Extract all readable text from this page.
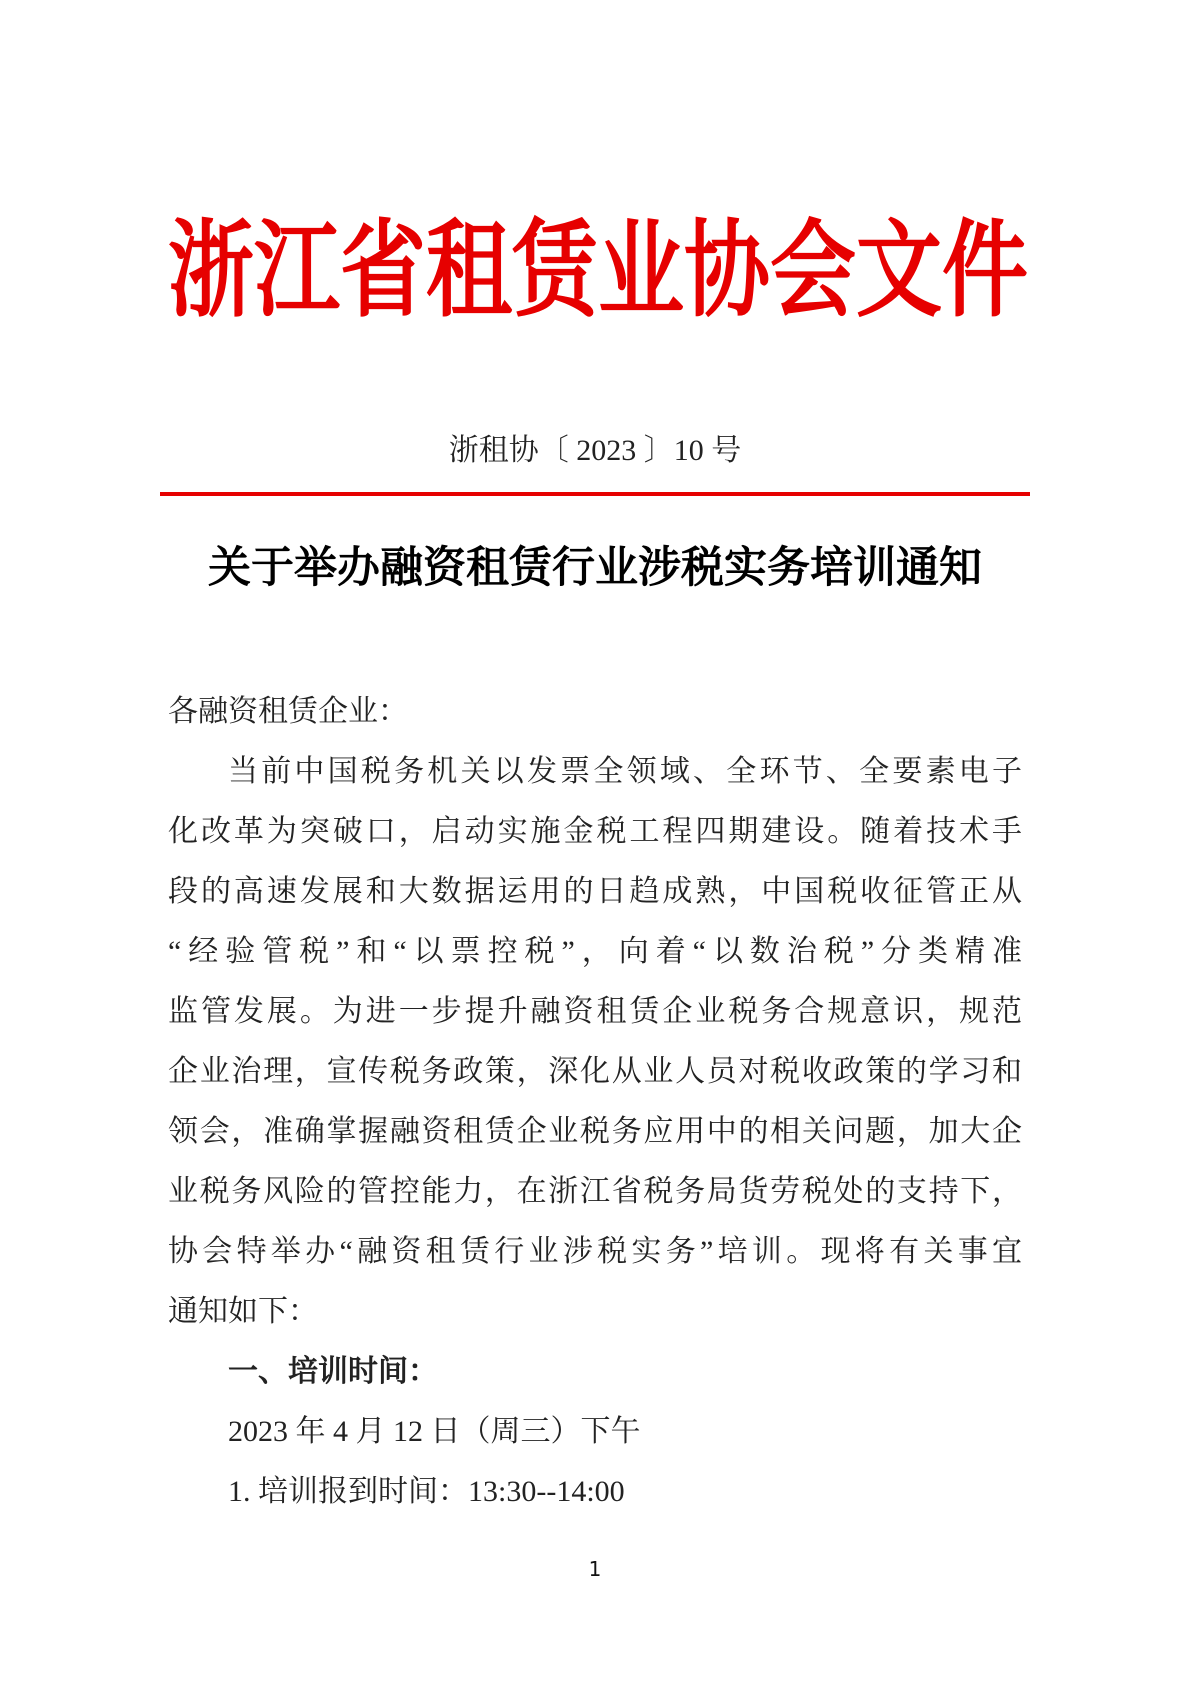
浙江省租赁业协会文件
浙租协〔 2023 〕10 号
关于举办融资租赁行业涉税实务培训通知
各融资租赁企业：
当前中国税务机关以发票全领域、全环节、全要素电子
化改革为突破口，启动实施金税工程四期建设。随着技术手
段的高速发展和大数据运用的日趋成熟，中国税收征管正从
“经验管税”和“以票控税”，向着“以数治税”分类精准
监管发展。为进一步提升融资租赁企业税务合规意识，规范
企业治理，宣传税务政策，深化从业人员对税收政策的学习和
领会，准确掌握融资租赁企业税务应用中的相关问题，加大企
业税务风险的管控能力，在浙江省税务局货劳税处的支持下，
协会特举办“融资租赁行业涉税实务”培训。现将有关事宜
通知如下：
一、培训时间：
2023 年 4 月 12 日（周三）下午
1. 培训报到时间：13:30--14:00
1
